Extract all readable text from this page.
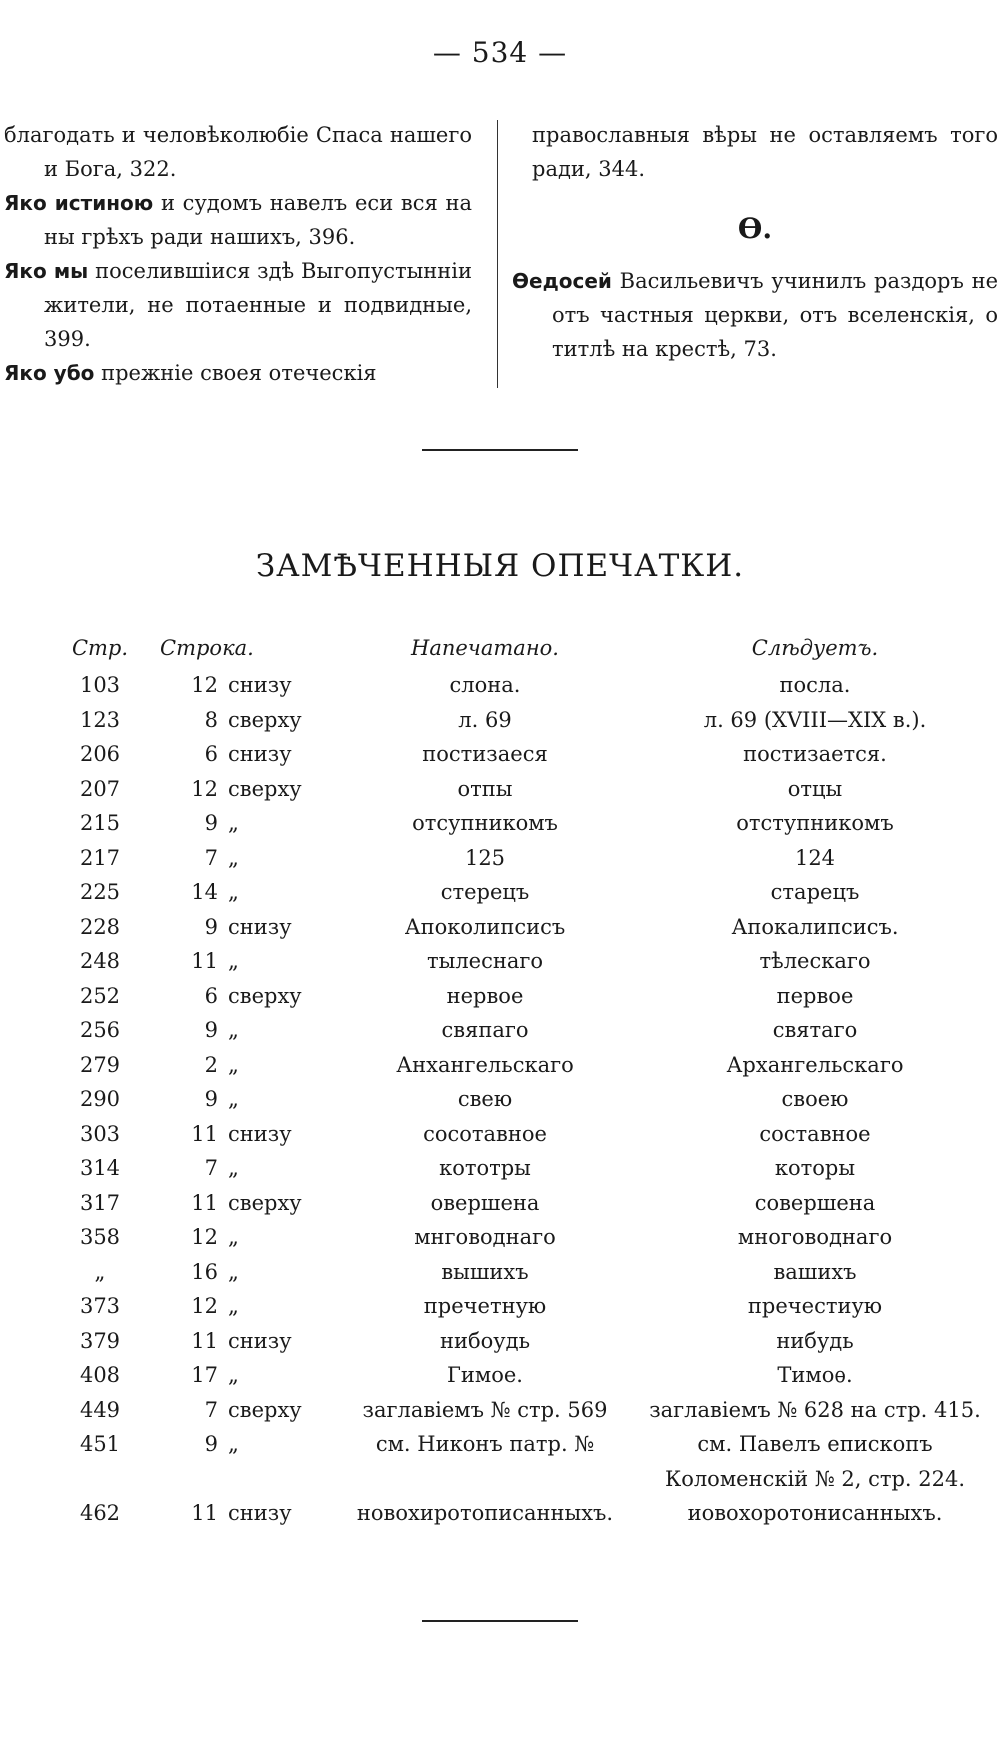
— 534 —

благодать и человѣколюбіе Спаса нашего и Бога, 322.

Яко истиною и судомъ навелъ еси вся на ны грѣхъ ради нашихъ, 396.

Яко мы поселившіися здѣ Выгопустынніи жители, не потаенные и подвидные, 399.

Яко убо прежніе своея отеческія

православныя вѣры не оставляемъ того ради, 344.

Ѳ.

Ѳедосей Васильевичъ учинилъ раздоръ не отъ частныя церкви, отъ вселенскія, о титлѣ на крестѣ, 73.

ЗАМѢЧЕННЫЯ ОПЕЧАТКИ.
Стр.	Строка.	Напечатано.	Слѣдуетъ.
103	12 снизу	слона.	посла.
123	8 сверху	л. 69	л. 69 (XVIII—XIX в.).
206	6 снизу	постизаеся	постизается.
207	12 сверху	отпы	отцы
215	9 „	отсупникомъ	отступникомъ
217	7 „	125	124
225	14 „	стерецъ	старецъ
228	9 снизу	Апоколипсисъ	Апокалипсисъ.
248	11 „	тылеснаго	тѣлескаго
252	6 сверху	нервое	первое
256	9 „	свяпаго	святаго
279	2 „	Анхангельскаго	Архангельскаго
290	9 „	свею	своею
303	11 снизу	сосотавное	составное
314	7 „	кототры	которы
317	11 сверху	овершена	совершена
358	12 „	мнговоднаго	многоводнаго
„	16 „	вышихъ	вашихъ
373	12 „	пречетную	пречестиую
379	11 снизу	нибоудь	нибудь
408	17 „	Гимое.	Тимоѳ.
449	7 сверху	заглавіемъ № стр. 569	заглавіемъ № 628 на стр. 415.
451	9 „	см. Никонъ патр. №	см. Павелъ епископъ Коломенскій № 2, стр. 224.
462	11 снизу	новохиротописанныхъ.	иовохоротонисанныхъ.
